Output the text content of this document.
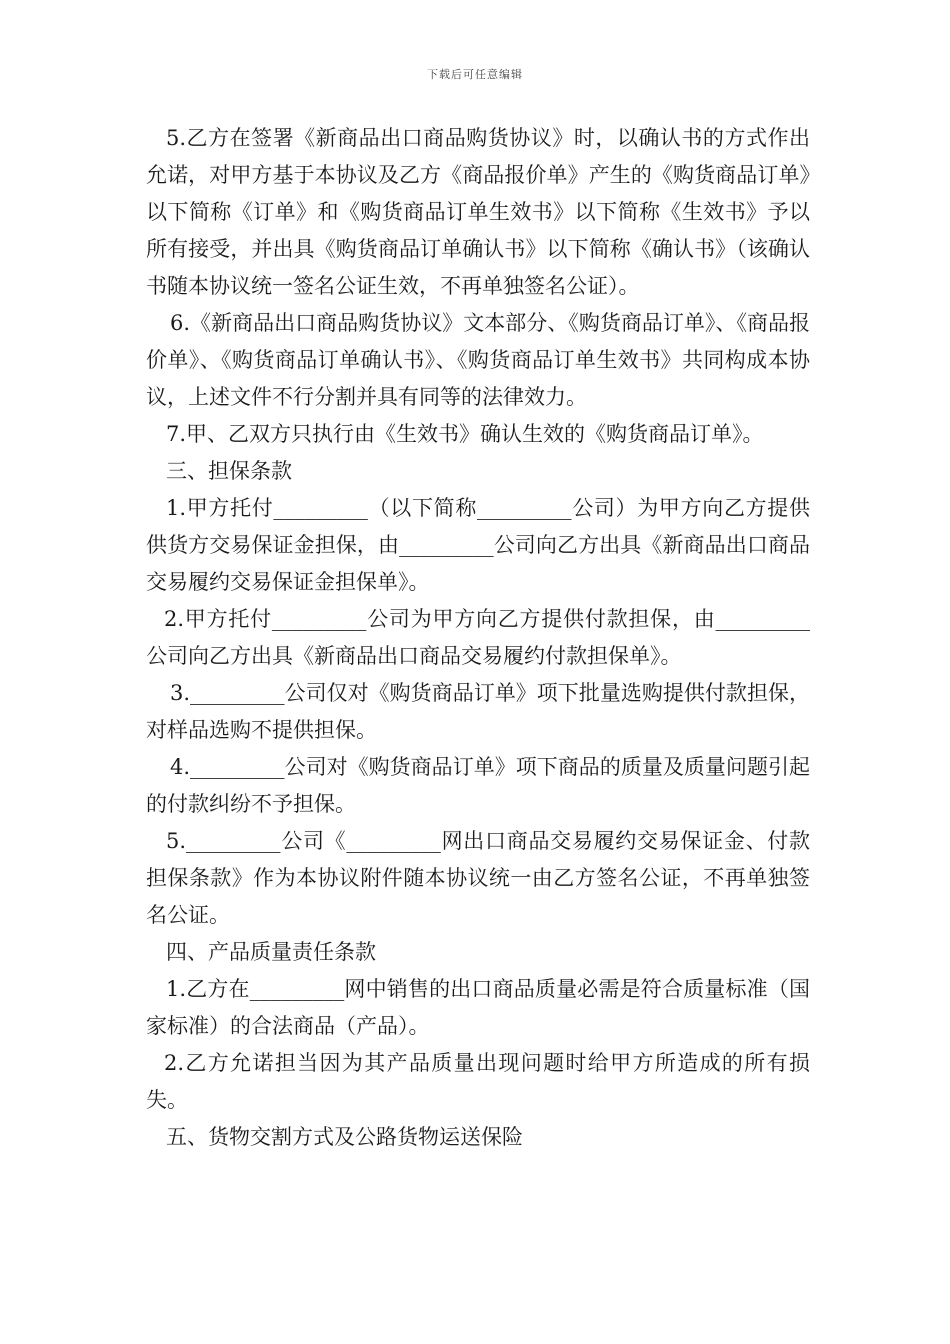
下载后可任意编辑

5.乙方在签署《新商品出口商品购货协议》时，以确认书的方式作出允诺，对甲方基于本协议及乙方《商品报价单》产生的《购货商品订单》以下简称《订单》和《购货商品订单生效书》以下简称《生效书》予以所有接受，并出具《购货商品订单确认书》以下简称《确认书》（该确认书随本协议统一签名公证生效，不再单独签名公证）。

6.《新商品出口商品购货协议》文本部分、《购货商品订单》、《商品报价单》、《购货商品订单确认书》、《购货商品订单生效书》共同构成本协议，上述文件不行分割并具有同等的法律效力。

7.甲、乙双方只执行由《生效书》确认生效的《购货商品订单》。

三、担保条款

1.甲方托付_________（以下简称_________公司）为甲方向乙方提供供货方交易保证金担保，由_________公司向乙方出具《新商品出口商品交易履约交易保证金担保单》。

2.甲方托付_________公司为甲方向乙方提供付款担保，由_________公司向乙方出具《新商品出口商品交易履约付款担保单》。

3._________公司仅对《购货商品订单》项下批量选购提供付款担保，对样品选购不提供担保。

4._________公司对《购货商品订单》项下商品的质量及质量问题引起的付款纠纷不予担保。

5._________公司《_________网出口商品交易履约交易保证金、付款担保条款》作为本协议附件随本协议统一由乙方签名公证，不再单独签名公证。

四、产品质量责任条款

1.乙方在_________网中销售的出口商品质量必需是符合质量标准（国家标准）的合法商品（产品）。

2.乙方允诺担当因为其产品质量出现问题时给甲方所造成的所有损失。

五、货物交割方式及公路货物运送保险
